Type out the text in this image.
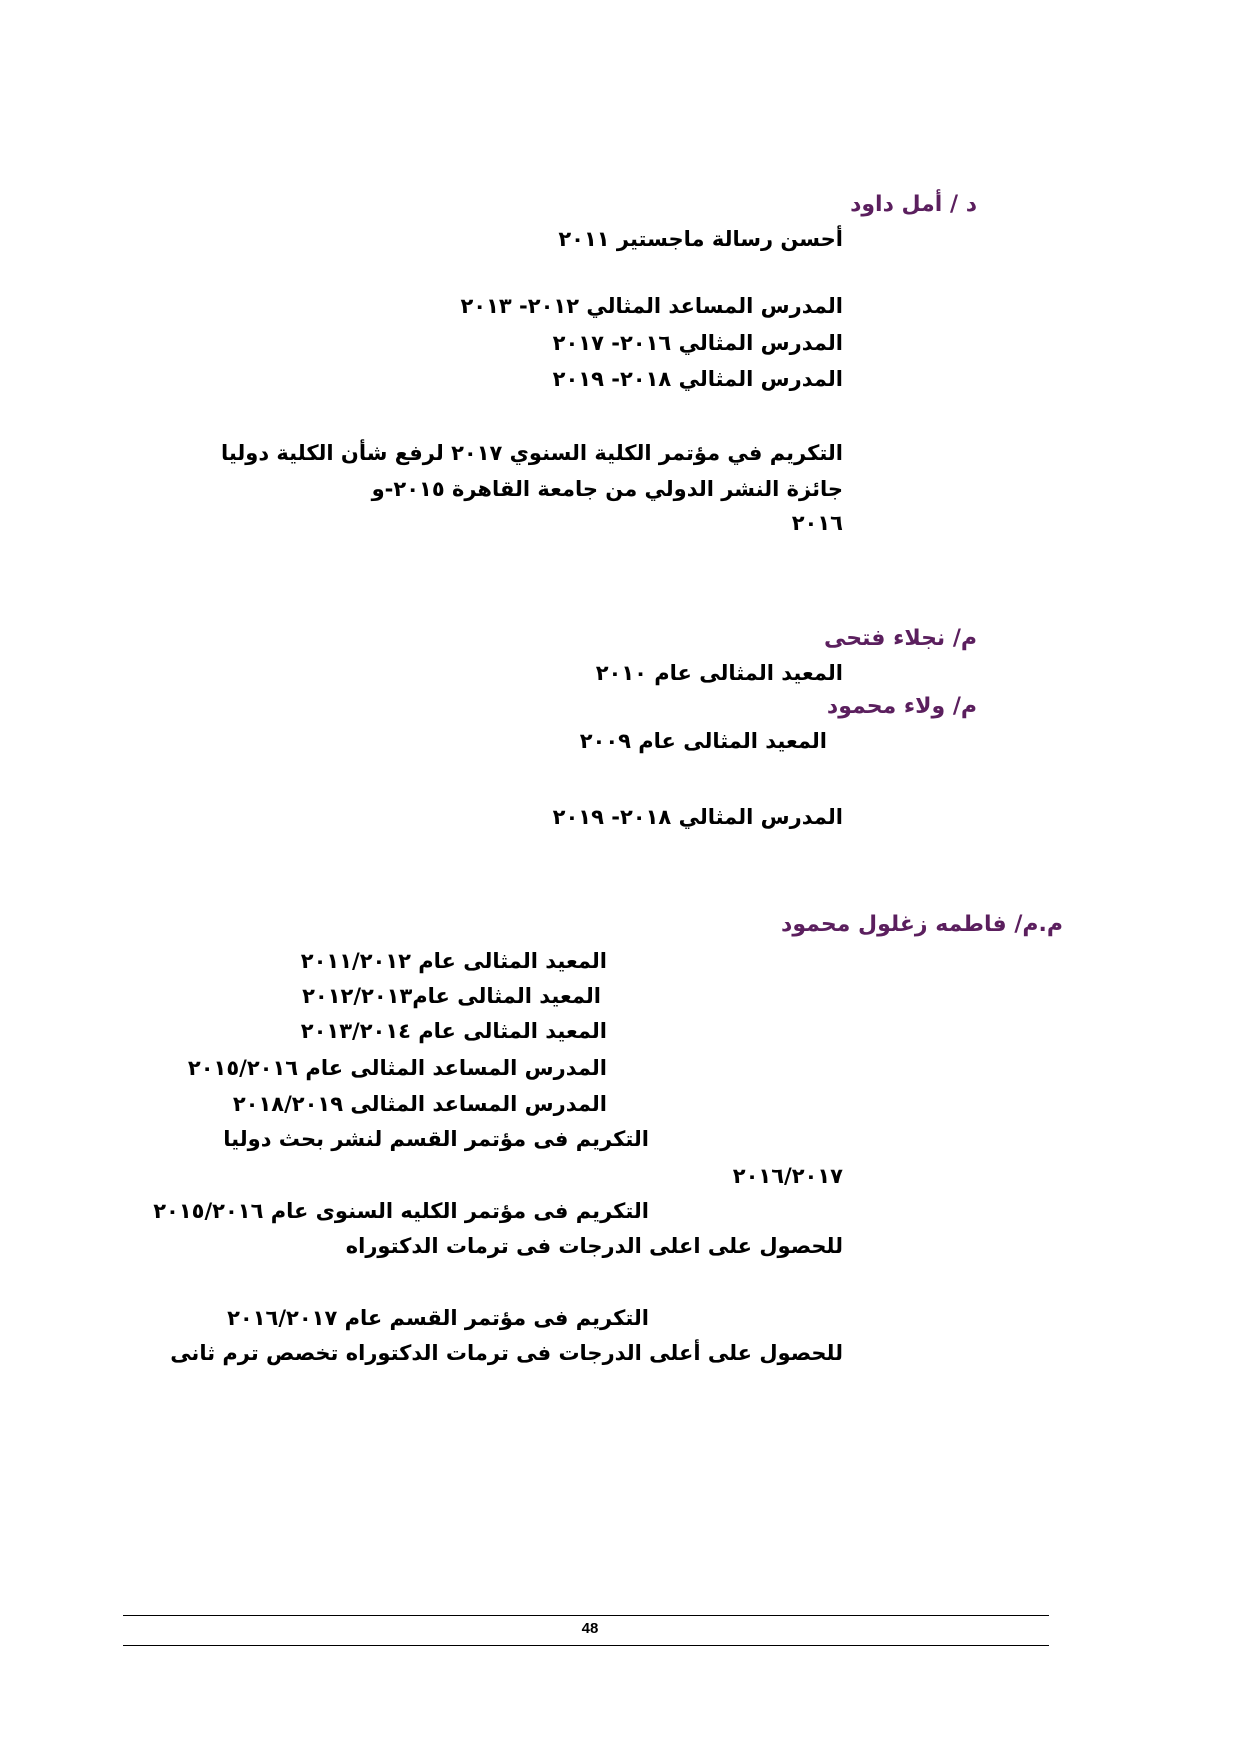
د / أمل داود
أحسن رسالة ماجستير ٢٠١١
المدرس المساعد المثالي ٢٠١٢- ٢٠١٣
المدرس المثالي ٢٠١٦- ٢٠١٧
المدرس المثالي ٢٠١٨- ٢٠١٩
التكريم في مؤتمر الكلية السنوي ٢٠١٧ لرفع شأن الكلية دوليا
جائزة النشر الدولي من جامعة القاهرة ٢٠١٥-و
٢٠١٦
م/ نجلاء فتحى
المعيد المثالى عام ٢٠١٠
م/ ولاء محمود
المعيد المثالى عام ٢٠٠٩
المدرس المثالي ٢٠١٨- ٢٠١٩
م.م/ فاطمه زغلول محمود
المعيد المثالى عام ٢٠١١/٢٠١٢
المعيد المثالى عام٢٠١٢/٢٠١٣
المعيد المثالى عام ٢٠١٣/٢٠١٤
المدرس المساعد المثالى عام ٢٠١٥/٢٠١٦
المدرس المساعد المثالى ٢٠١٨/٢٠١٩
التكريم فى مؤتمر القسم لنشر بحث دوليا
٢٠١٦/٢٠١٧
التكريم فى مؤتمر الكليه السنوى عام ٢٠١٥/٢٠١٦
للحصول على اعلى الدرجات فى ترمات الدكتوراه
التكريم فى مؤتمر القسم عام ٢٠١٦/٢٠١٧
للحصول على أعلى الدرجات فى ترمات الدكتوراه تخصص ترم ثانى
48
